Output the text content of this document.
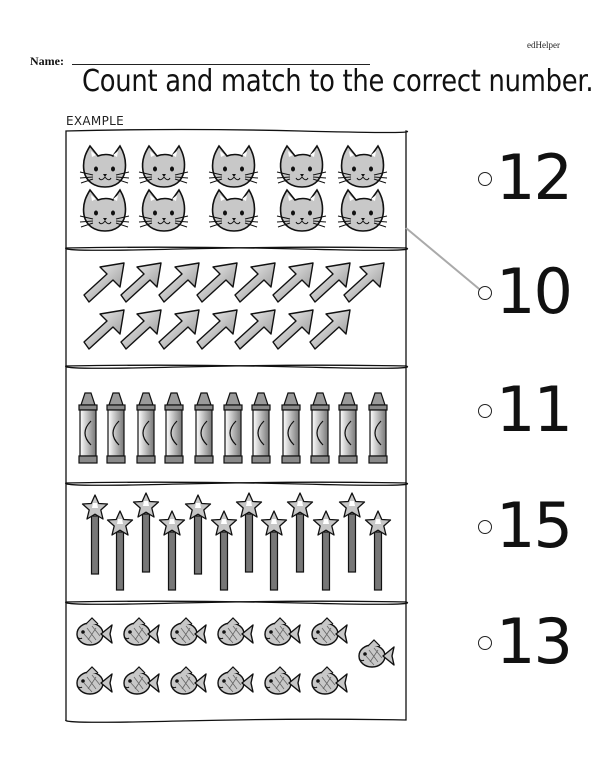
edHelper
Name:
Count and match to the correct number.
EXAMPLE
12
10
11
15
13
